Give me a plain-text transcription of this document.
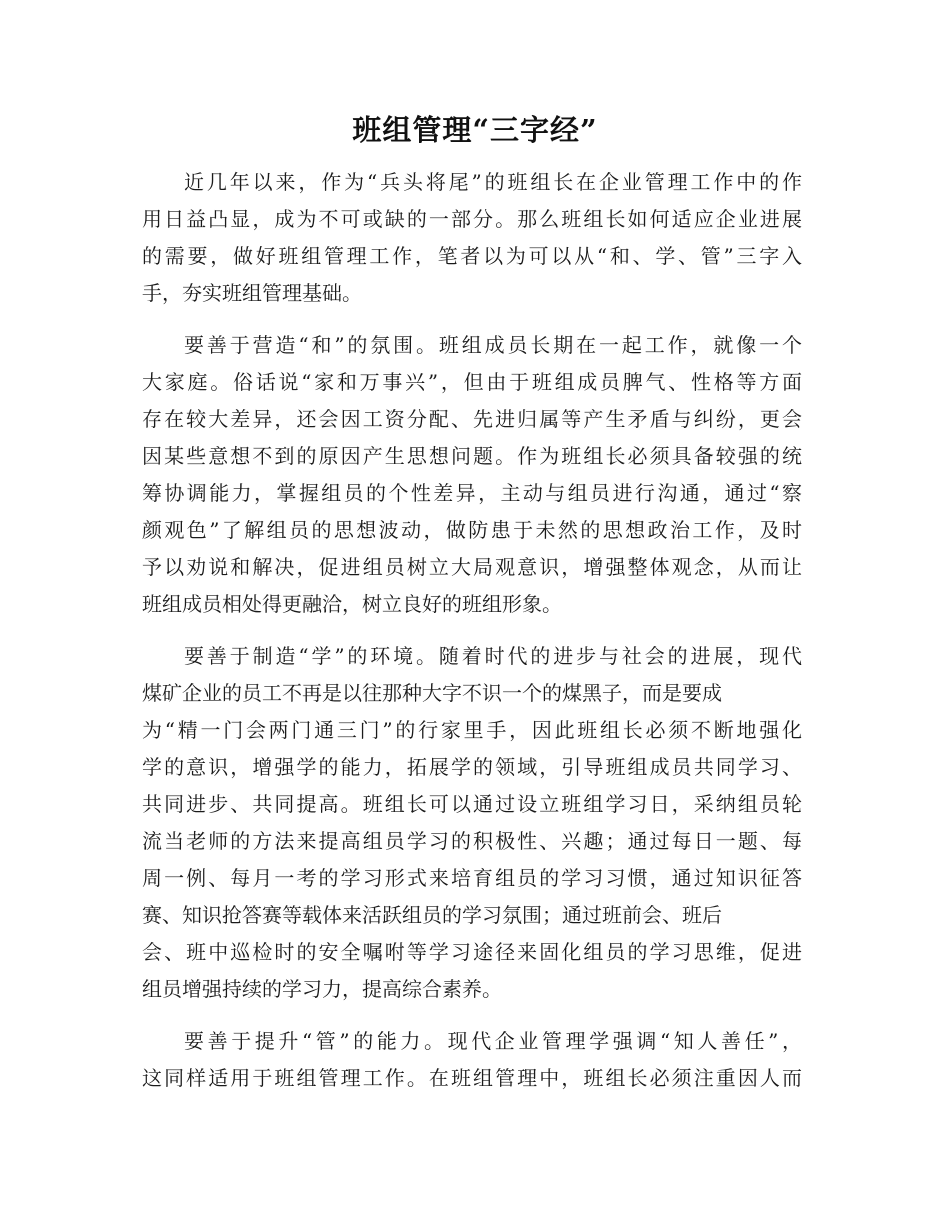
班组管理“三字经”

近几年以来，作为“兵头将尾”的班组长在企业管理工作中的作
用日益凸显，成为不可或缺的一部分。那么班组长如何适应企业进展
的需要，做好班组管理工作，笔者以为可以从“和、学、管”三字入
手，夯实班组管理基础。

要善于营造“和”的氛围。班组成员长期在一起工作，就像一个
大家庭。俗话说“家和万事兴”，但由于班组成员脾气、性格等方面
存在较大差异，还会因工资分配、先进归属等产生矛盾与纠纷，更会
因某些意想不到的原因产生思想问题。作为班组长必须具备较强的统
筹协调能力，掌握组员的个性差异，主动与组员进行沟通，通过“察
颜观色”了解组员的思想波动，做防患于未然的思想政治工作，及时
予以劝说和解决，促进组员树立大局观意识，增强整体观念，从而让
班组成员相处得更融洽，树立良好的班组形象。

要善于制造“学”的环境。随着时代的进步与社会的进展，现代
煤矿企业的员工不再是以往那种大字不识一个的煤黑子，而是要成
为“精一门会两门通三门”的行家里手，因此班组长必须不断地强化
学的意识，增强学的能力，拓展学的领域，引导班组成员共同学习、
共同进步、共同提高。班组长可以通过设立班组学习日，采纳组员轮
流当老师的方法来提高组员学习的积极性、兴趣；通过每日一题、每
周一例、每月一考的学习形式来培育组员的学习习惯，通过知识征答
赛、知识抢答赛等载体来活跃组员的学习氛围；通过班前会、班后
会、班中巡检时的安全嘱咐等学习途径来固化组员的学习思维，促进
组员增强持续的学习力，提高综合素养。

要善于提升“管”的能力。现代企业管理学强调“知人善任”，
这同样适用于班组管理工作。在班组管理中，班组长必须注重因人而
